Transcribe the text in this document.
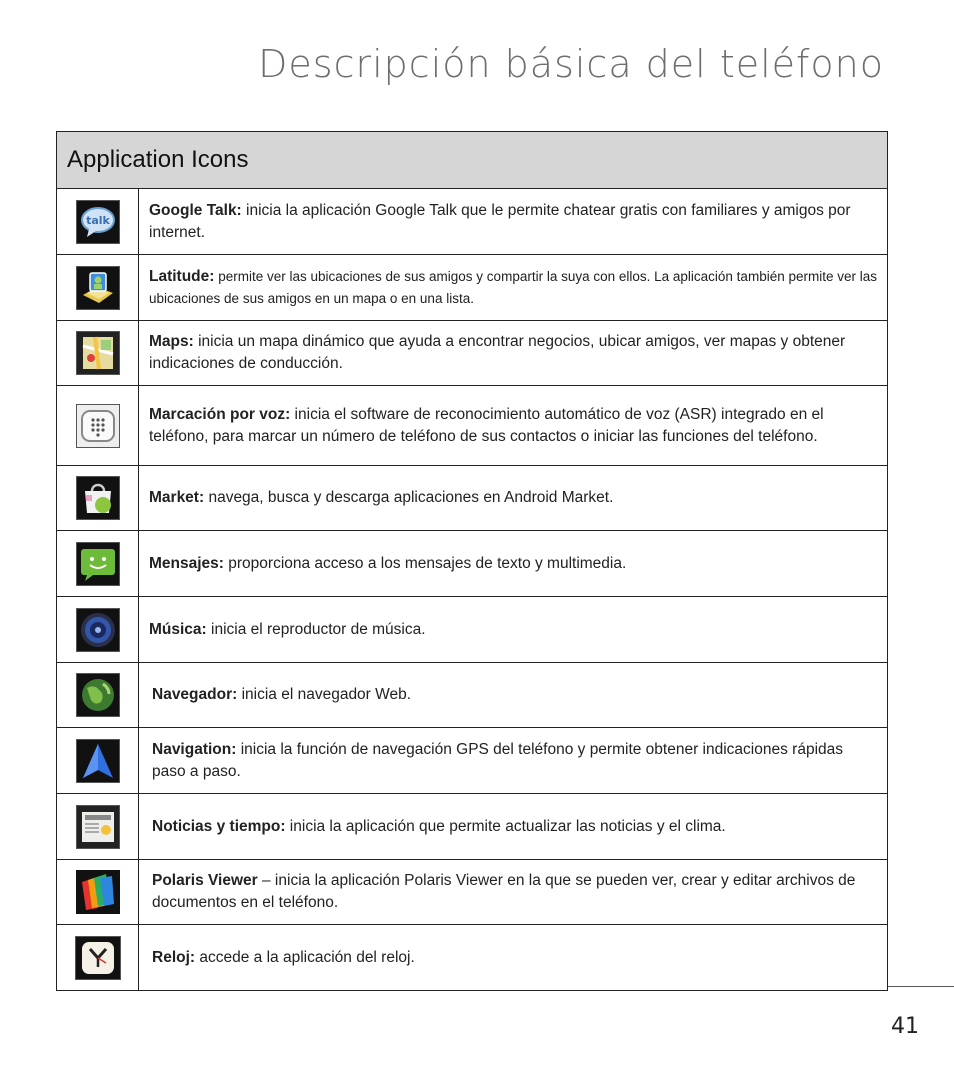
Descripción básica del teléfono
Application Icons	

talk	Google Talk: inicia la aplicación Google Talk que le permite chatear gratis con familiares y amigos por internet.
	Latitude: permite ver las ubicaciones de sus amigos y compartir la suya con ellos. La aplicación también permite ver las ubicaciones de sus amigos en un mapa o en una lista.
	Maps: inicia un mapa dinámico que ayuda a encontrar negocios, ubicar amigos, ver mapas y obtener indicaciones de conducción.
	Marcación por voz: inicia el software de reconocimiento automático de voz (ASR) integrado en el teléfono, para marcar un número de teléfono de sus contactos o iniciar las funciones del teléfono.
	Market: navega, busca y descarga aplicaciones en Android Market.
	Mensajes: proporciona acceso a los mensajes de texto y multimedia.
	Música: inicia el reproductor de música.
	Navegador: inicia el navegador Web.
	Navigation: inicia la función de navegación GPS del teléfono y permite obtener indicaciones rápidas paso a paso.
	Noticias y tiempo: inicia la aplicación que permite actualizar las noticias y el clima.
	Polaris Viewer – inicia la aplicación Polaris Viewer en la que se pueden ver, crear y editar archivos de documentos en el teléfono.
	Reloj: accede a la aplicación del reloj.
41
